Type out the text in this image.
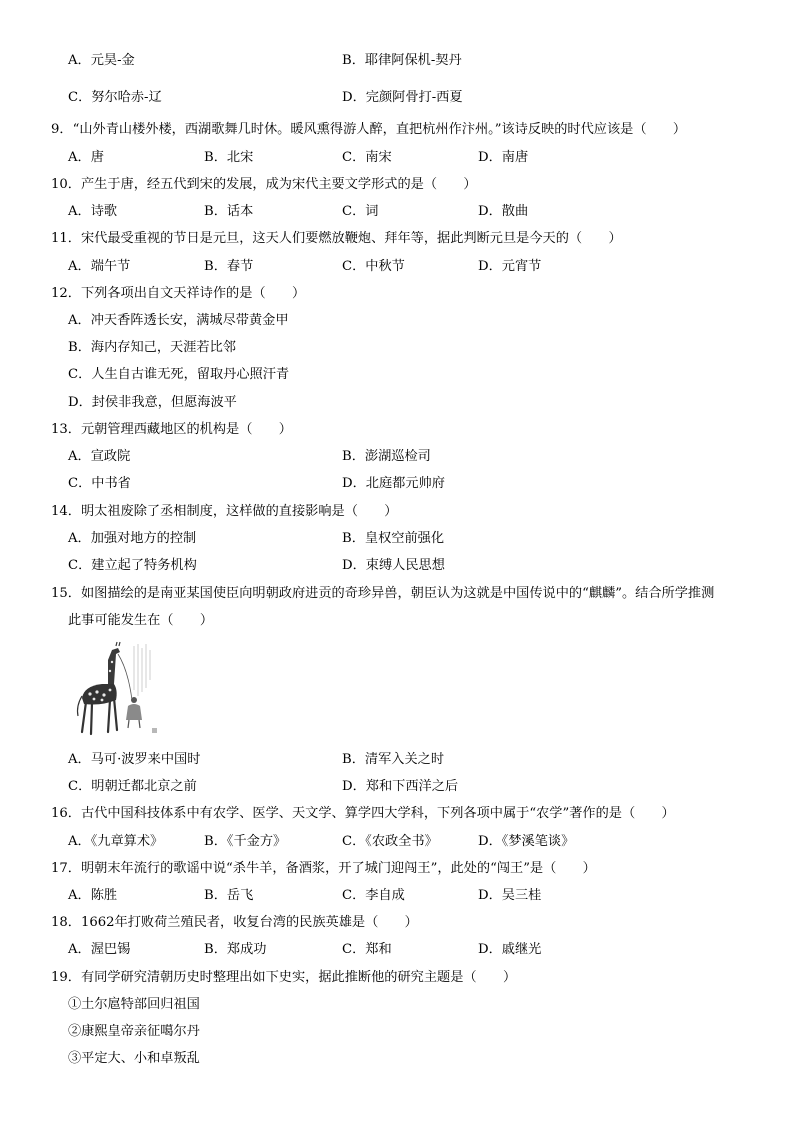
A．元昊-金	B．耶律阿保机-契丹
C．努尔哈赤-辽	D．完颜阿骨打-西夏
9．“山外青山楼外楼，西湖歌舞几时休。暖风熏得游人醉，直把杭州作汴州。”该诗反映的时代应该是（　　）
A．唐	B．北宋	C．南宋	D．南唐
10．产生于唐，经五代到宋的发展，成为宋代主要文学形式的是（　　）
A．诗歌	B．话本	C．词	D．散曲
11．宋代最受重视的节日是元旦，这天人们要燃放鞭炮、拜年等，据此判断元旦是今天的（　　）
A．端午节	B．春节	C．中秋节	D．元宵节
12．下列各项出自文天祥诗作的是（　　）
A．冲天香阵透长安，满城尽带黄金甲
B．海内存知己，天涯若比邻
C．人生自古谁无死，留取丹心照汗青
D．封侯非我意，但愿海波平
13．元朝管理西藏地区的机构是（　　）
A．宣政院	B．澎湖巡检司
C．中书省	D．北庭都元帅府
14．明太祖废除了丞相制度，这样做的直接影响是（　　）
A．加强对地方的控制	B．皇权空前强化
C．建立起了特务机构	D．束缚人民思想
15．如图描绘的是南亚某国使臣向明朝政府进贡的奇珍异兽，朝臣认为这就是中国传说中的“麒麟”。结合所学推测
此事可能发生在（　　）
A．马可·波罗来中国时	B．清军入关之时
C．明朝迁都北京之前	D．郑和下西洋之后
16．古代中国科技体系中有农学、医学、天文学、算学四大学科，下列各项中属于“农学”著作的是（　　）
A．《九章算术》	B．《千金方》	C．《农政全书》	D．《梦溪笔谈》
17．明朝末年流行的歌谣中说“杀牛羊，备酒浆，开了城门迎闯王”，此处的“闯王”是（　　）
A．陈胜	B．岳飞	C．李自成	D．吴三桂
18．1662年打败荷兰殖民者，收复台湾的民族英雄是（　　）
A．渥巴锡	B．郑成功	C．郑和	D．戚继光
19．有同学研究清朝历史时整理出如下史实，据此推断他的研究主题是（　　）
①土尔扈特部回归祖国
②康熙皇帝亲征噶尔丹
③平定大、小和卓叛乱
